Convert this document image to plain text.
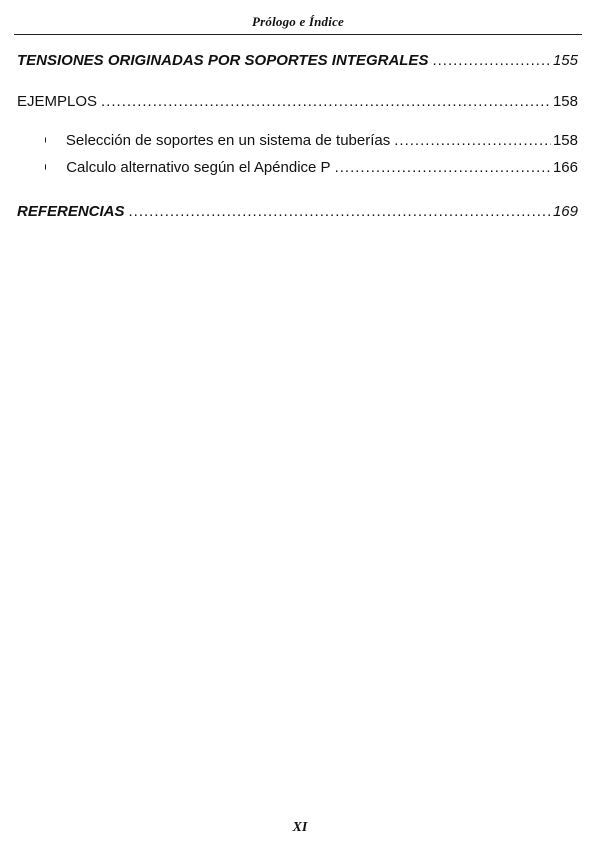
Prólogo e Índice
TENSIONES ORIGINADAS POR SOPORTES INTEGRALES .....	155
EJEMPLOS .....	158
Selección de soportes en un sistema de tuberías .....	158
Calculo alternativo según el Apéndice P .....	166
REFERENCIAS .....	169
XI
